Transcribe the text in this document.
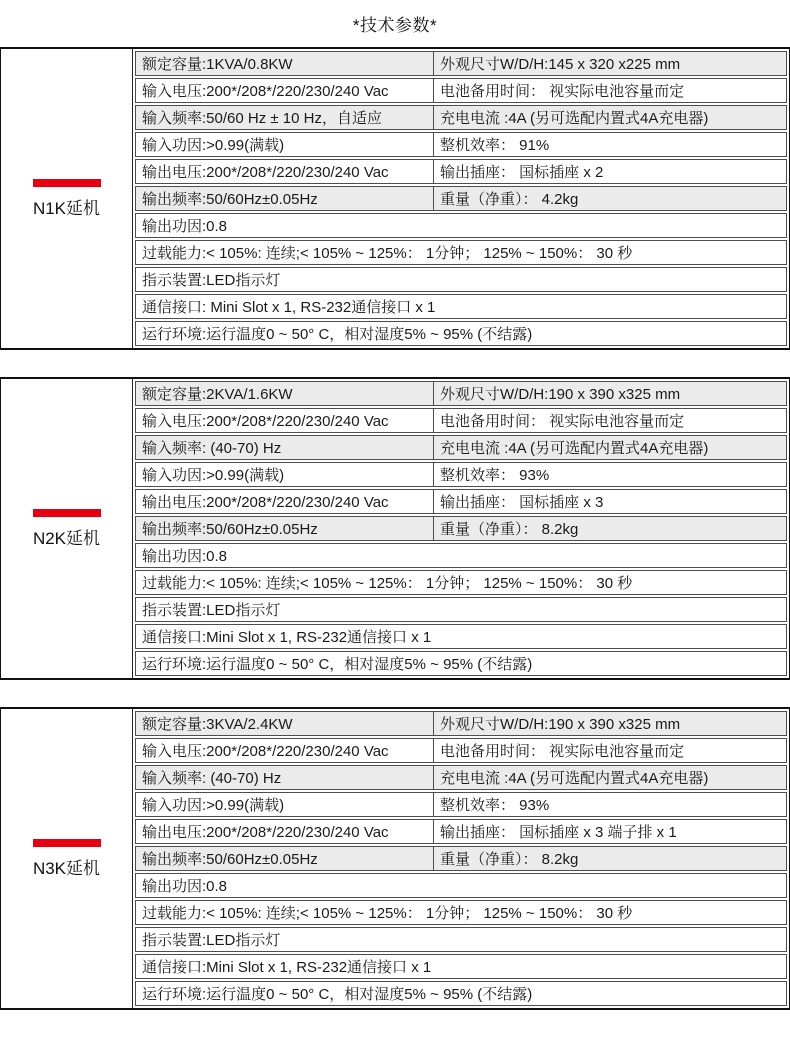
*技术参数*
N1K延机
额定容量:1KVA/0.8KW	外观尺寸W/D/H:145 x 320 x225 mm
输入电压:200*/208*/220/230/240 Vac	电池备用时间： 视实际电池容量而定
输入频率:50/60 Hz ± 10 Hz，自适应	充电电流 :4A (另可选配内置式4A充电器)
输入功因:>0.99(满载)	整机效率： 91%
输出电压:200*/208*/220/230/240 Vac	输出插座： 国标插座 x 2
输出频率:50/60Hz±0.05Hz	重量（净重）： 4.2kg
输出功因:0.8
过载能力:< 105%: 连续;< 105% ~ 125%： 1分钟； 125% ~ 150%： 30 秒
指示装置:LED指示灯
通信接口: Mini Slot x 1, RS-232通信接口 x 1
运行环境:运行温度0 ~ 50° C，相对湿度5% ~ 95% (不结露)
N2K延机
额定容量:2KVA/1.6KW	外观尺寸W/D/H:190 x 390 x325 mm
输入电压:200*/208*/220/230/240 Vac	电池备用时间： 视实际电池容量而定
输入频率: (40-70) Hz	充电电流 :4A (另可选配内置式4A充电器)
输入功因:>0.99(满载)	整机效率： 93%
输出电压:200*/208*/220/230/240 Vac	输出插座： 国标插座 x 3
输出频率:50/60Hz±0.05Hz	重量（净重）： 8.2kg
输出功因:0.8
过载能力:< 105%: 连续;< 105% ~ 125%： 1分钟； 125% ~ 150%： 30 秒
指示装置:LED指示灯
通信接口:Mini Slot x 1, RS-232通信接口 x 1
运行环境:运行温度0 ~ 50° C，相对湿度5% ~ 95% (不结露)
N3K延机
额定容量:3KVA/2.4KW	外观尺寸W/D/H:190 x 390 x325 mm
输入电压:200*/208*/220/230/240 Vac	电池备用时间： 视实际电池容量而定
输入频率: (40-70) Hz	充电电流 :4A (另可选配内置式4A充电器)
输入功因:>0.99(满载)	整机效率： 93%
输出电压:200*/208*/220/230/240 Vac	输出插座： 国标插座 x 3 端子排 x 1
输出频率:50/60Hz±0.05Hz	重量（净重）： 8.2kg
输出功因:0.8
过载能力:< 105%: 连续;< 105% ~ 125%： 1分钟； 125% ~ 150%： 30 秒
指示装置:LED指示灯
通信接口:Mini Slot x 1, RS-232通信接口 x 1
运行环境:运行温度0 ~ 50° C，相对湿度5% ~ 95% (不结露)
